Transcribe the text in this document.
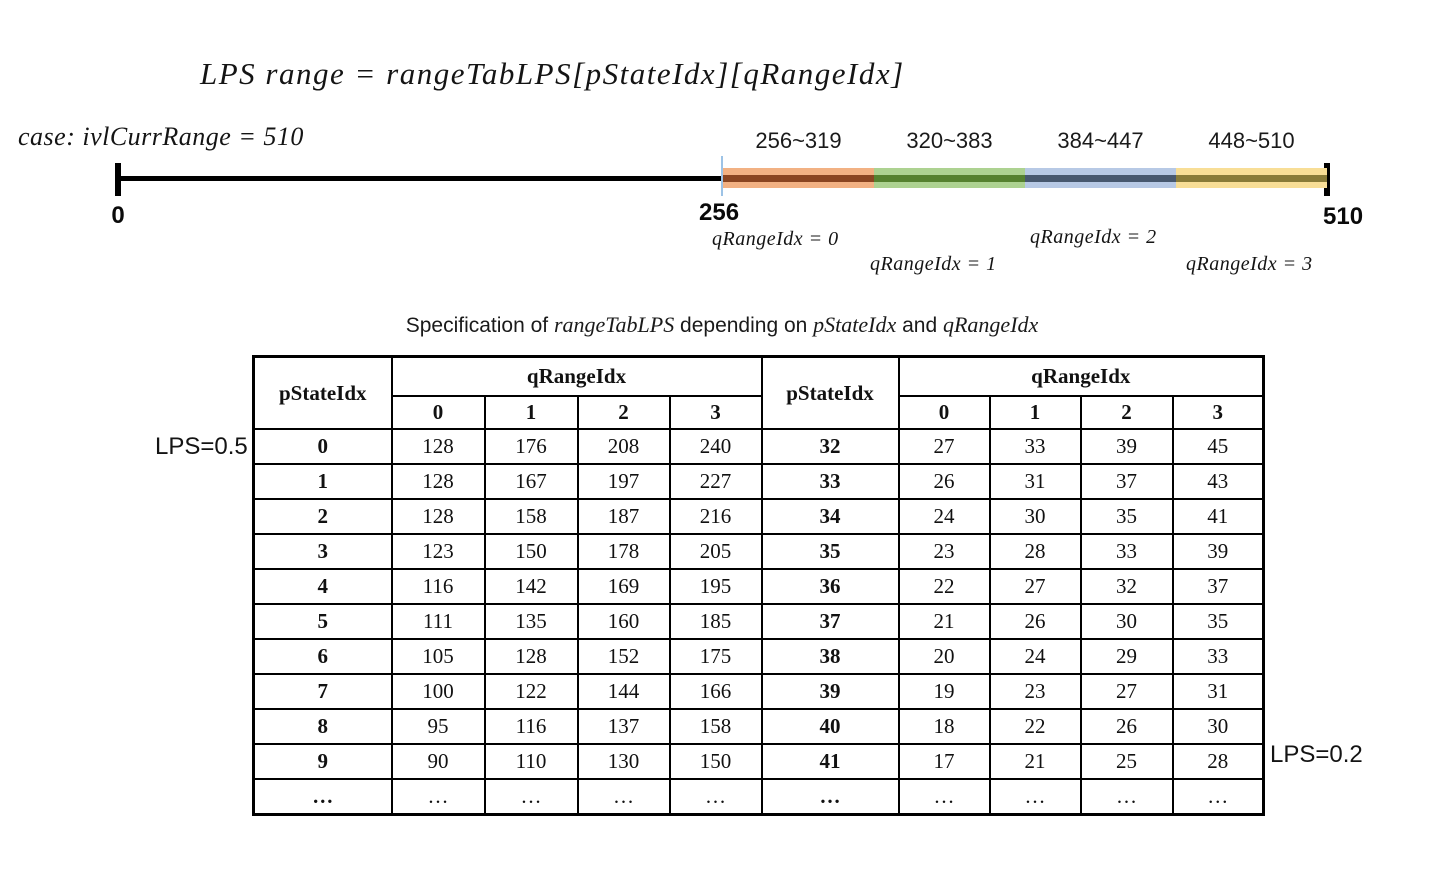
LPS range = rangeTabLPS[pStateIdx][qRangeIdx]
case: ivlCurrRange = 510
0	256	510
256~319
qRangeIdx = 0
320~383
qRangeIdx = 1
384~447
qRangeIdx = 2
448~510
qRangeIdx = 3
Specification of rangeTabLPS depending on pStateIdx and qRangeIdx
pStateIdx	qRangeIdx				pStateIdx	qRangeIdx			
	0	1	2	3		0	1	2	3
0	128	176	208	240	32	27	33	39	45
1	128	167	197	227	33	26	31	37	43
2	128	158	187	216	34	24	30	35	41
3	123	150	178	205	35	23	28	33	39
4	116	142	169	195	36	22	27	32	37
5	111	135	160	185	37	21	26	30	35
6	105	128	152	175	38	20	24	29	33
7	100	122	144	166	39	19	23	27	31
8	95	116	137	158	40	18	22	26	30
9	90	110	130	150	41	17	21	25	28
…	…	…	…	…	…	…	…	…	…
LPS=0.5
LPS=0.2
